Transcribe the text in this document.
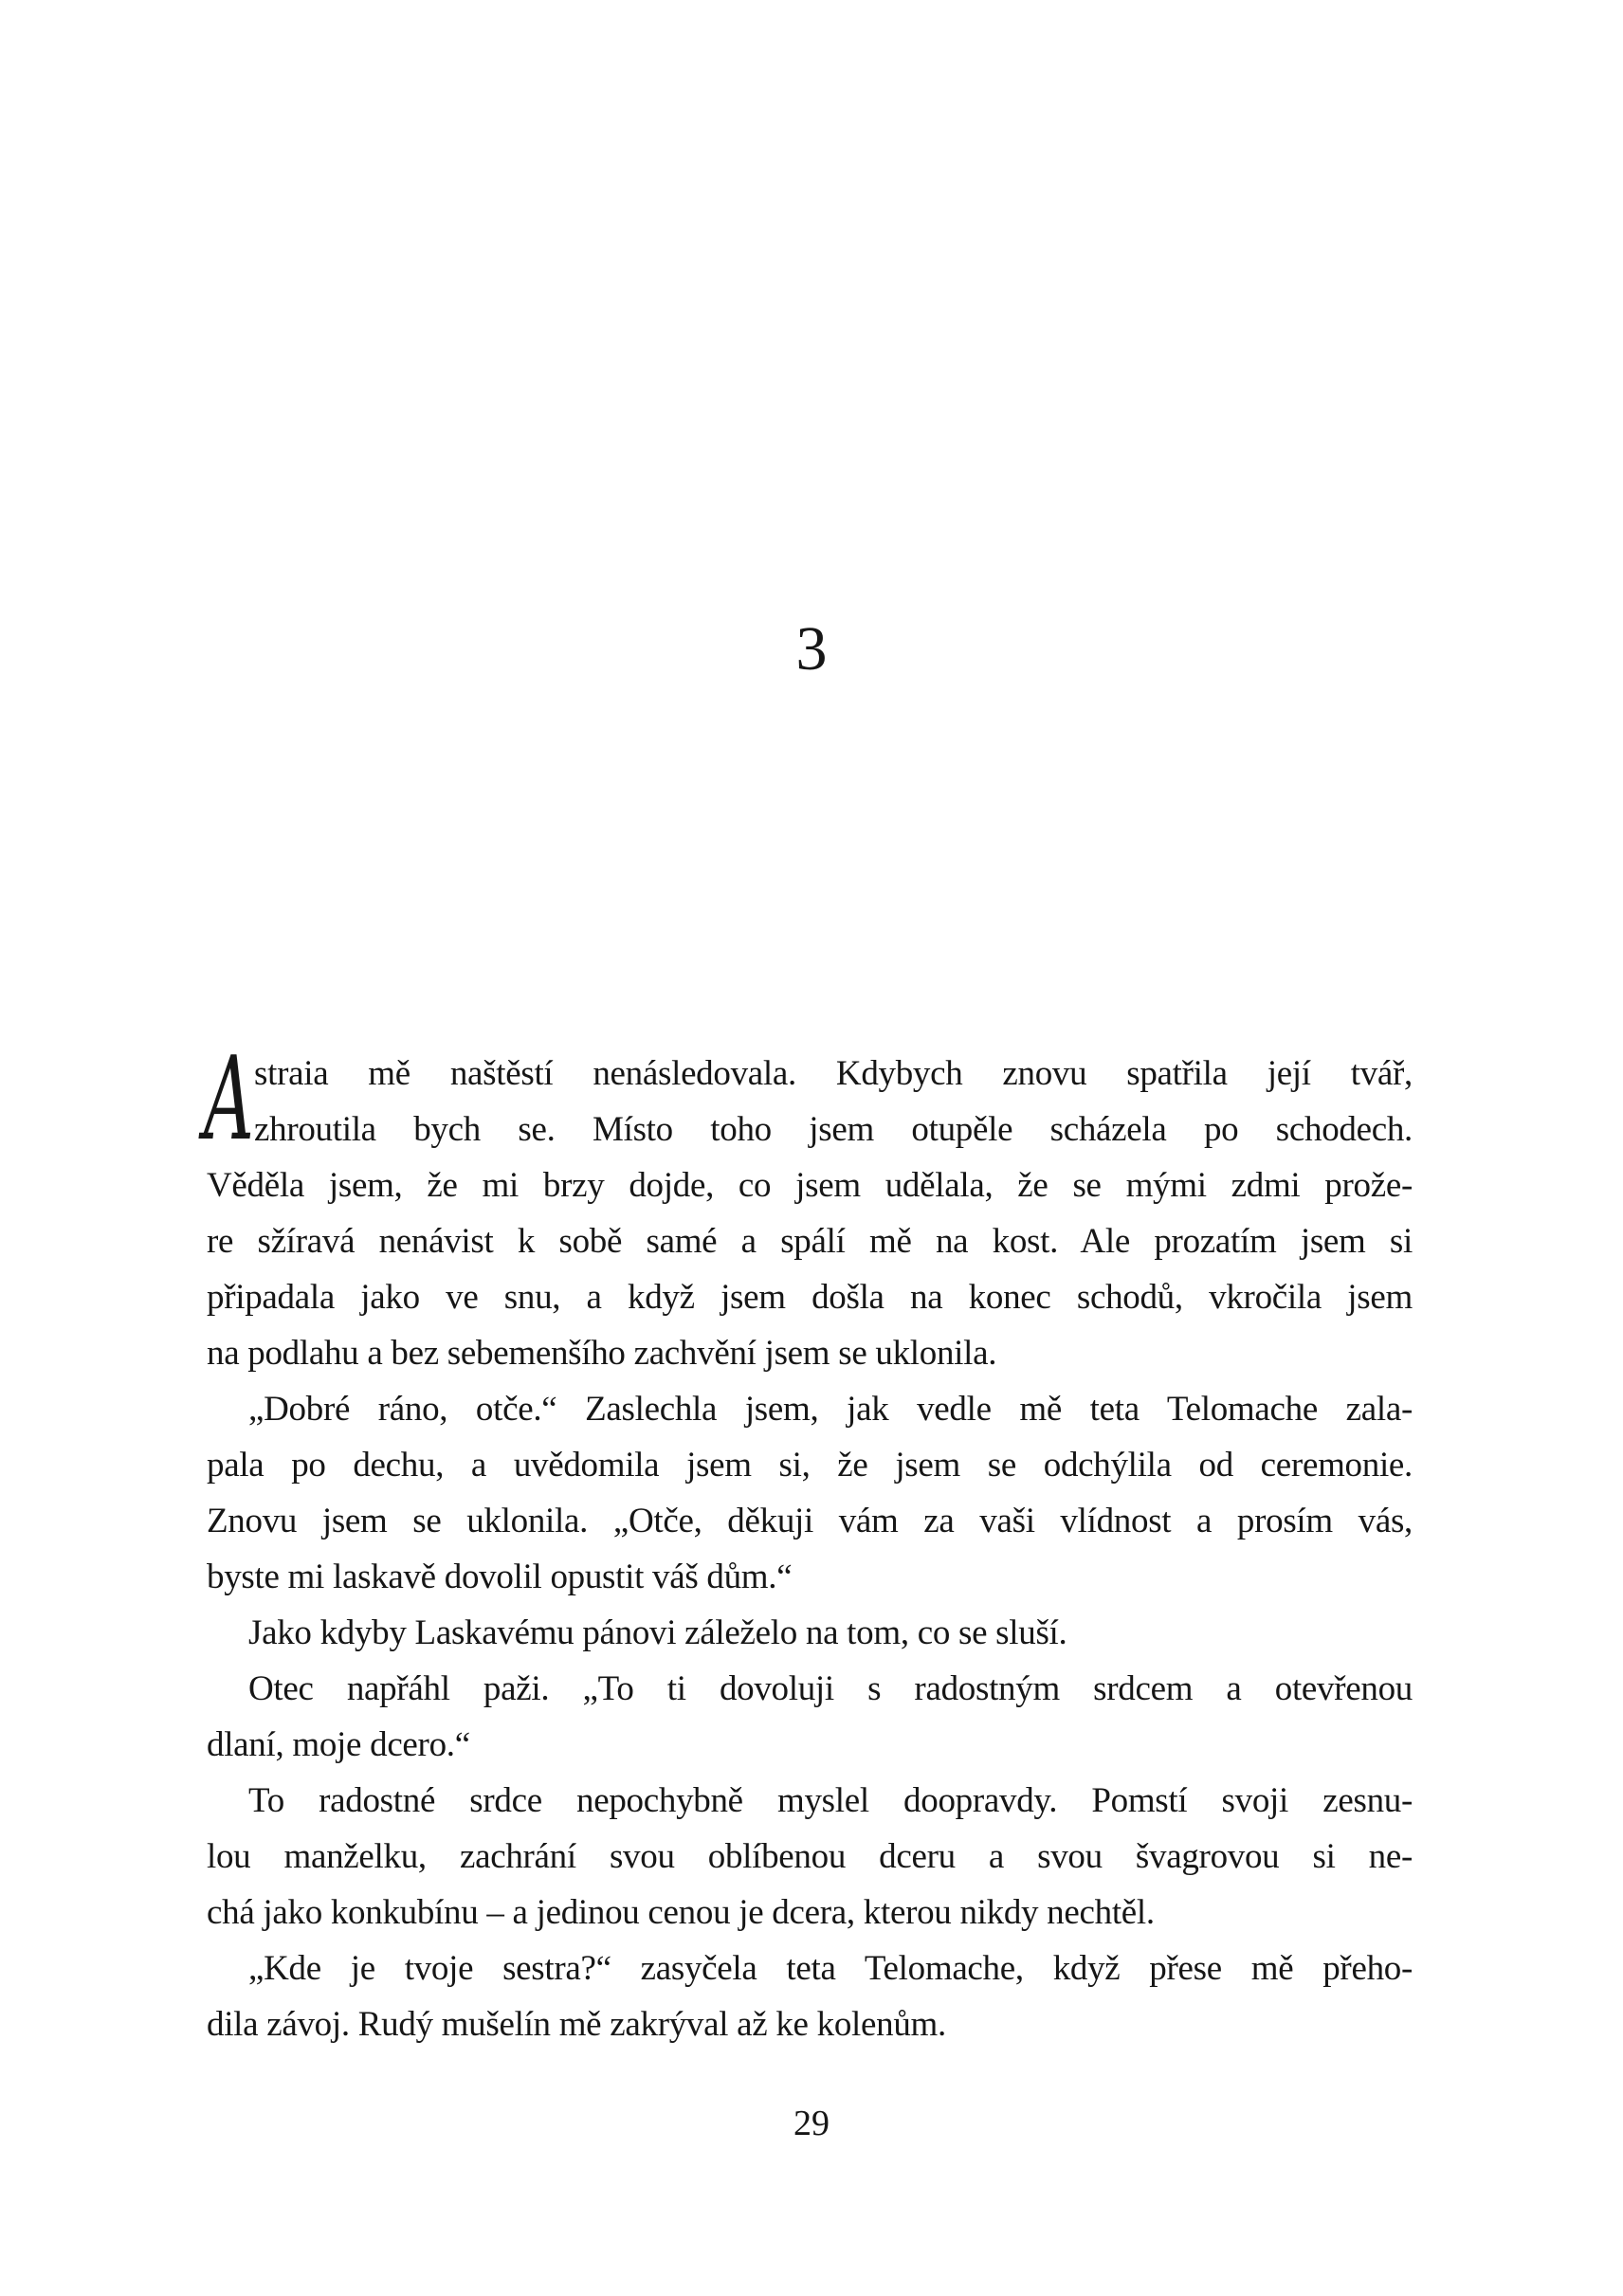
3
A straia mě naštěstí nenásledovala. Kdybych znovu spatřila její tvář,
zhroutila bych se. Místo toho jsem otupěle scházela po schodech.
Věděla jsem, že mi brzy dojde, co jsem udělala, že se mými zdmi prože-
re sžíravá nenávist k sobě samé a spálí mě na kost. Ale prozatím jsem si
připadala jako ve snu, a když jsem došla na konec schodů, vkročila jsem
na podlahu a bez sebemenšího zachvění jsem se uklonila.
„Dobré ráno, otče.“ Zaslechla jsem, jak vedle mě teta Telomache zala-
pala po dechu, a uvědomila jsem si, že jsem se odchýlila od ceremonie.
Znovu jsem se uklonila. „Otče, děkuji vám za vaši vlídnost a prosím vás,
byste mi laskavě dovolil opustit váš dům.“
Jako kdyby Laskavému pánovi záleželo na tom, co se sluší.
Otec napřáhl paži. „To ti dovoluji s radostným srdcem a otevřenou
dlaní, moje dcero.“
To radostné srdce nepochybně myslel doopravdy. Pomstí svoji zesnu-
lou manželku, zachrání svou oblíbenou dceru a svou švagrovou si ne-
chá jako konkubínu – a jedinou cenou je dcera, kterou nikdy nechtěl.
„Kde je tvoje sestra?“ zasyčela teta Telomache, když přese mě přeho-
dila závoj. Rudý mušelín mě zakrýval až ke kolenům.
29
